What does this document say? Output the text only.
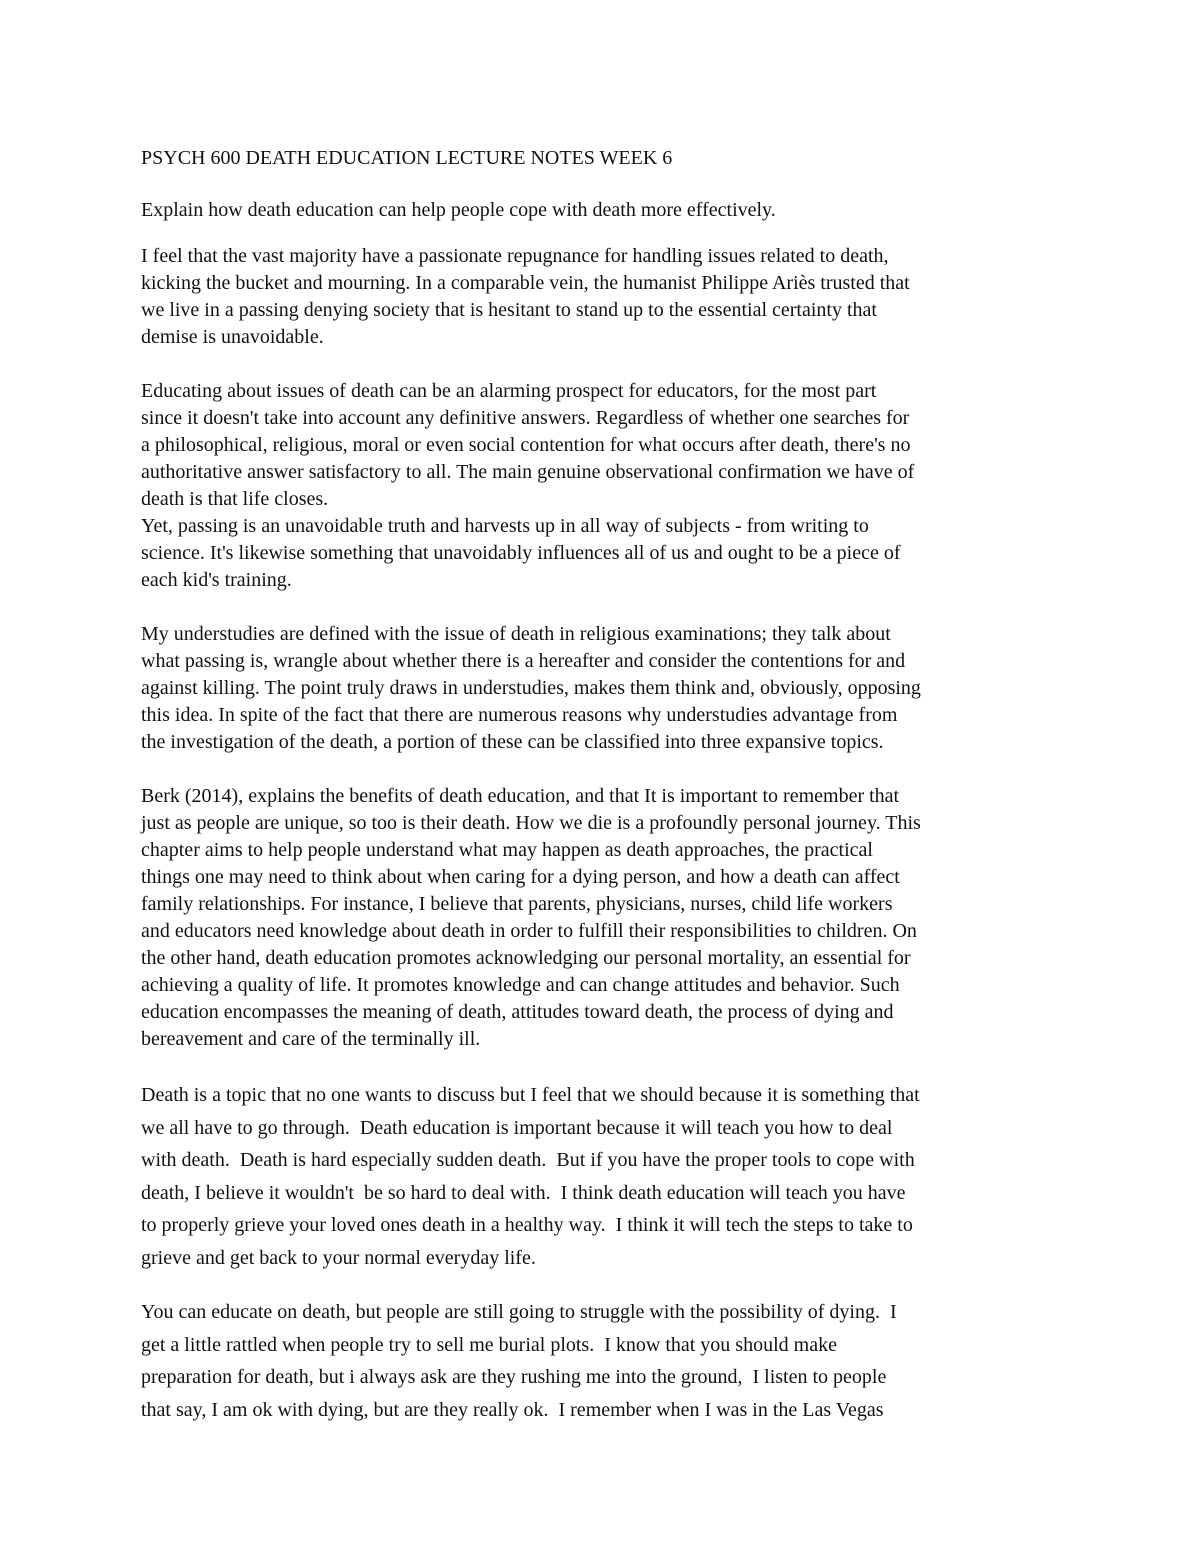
PSYCH 600 DEATH EDUCATION LECTURE NOTES WEEK 6

Explain how death education can help people cope with death more effectively.

I feel that the vast majority have a passionate repugnance for handling issues related to death,
kicking the bucket and mourning. In a comparable vein, the humanist Philippe Ariès trusted that
we live in a passing denying society that is hesitant to stand up to the essential certainty that
demise is unavoidable.

Educating about issues of death can be an alarming prospect for educators, for the most part
since it doesn't take into account any definitive answers. Regardless of whether one searches for
a philosophical, religious, moral or even social contention for what occurs after death, there's no
authoritative answer satisfactory to all. The main genuine observational confirmation we have of
death is that life closes.

Yet, passing is an unavoidable truth and harvests up in all way of subjects - from writing to
science. It's likewise something that unavoidably influences all of us and ought to be a piece of
each kid's training.

My understudies are defined with the issue of death in religious examinations; they talk about
what passing is, wrangle about whether there is a hereafter and consider the contentions for and
against killing. The point truly draws in understudies, makes them think and, obviously, opposing
this idea. In spite of the fact that there are numerous reasons why understudies advantage from
the investigation of the death, a portion of these can be classified into three expansive topics.

Berk (2014), explains the benefits of death education, and that It is important to remember that
just as people are unique, so too is their death. How we die is a profoundly personal journey. This
chapter aims to help people understand what may happen as death approaches, the practical
things one may need to think about when caring for a dying person, and how a death can affect
family relationships. For instance, I believe that parents, physicians, nurses, child life workers
and educators need knowledge about death in order to fulfill their responsibilities to children. On
the other hand, death education promotes acknowledging our personal mortality, an essential for
achieving a quality of life. It promotes knowledge and can change attitudes and behavior. Such
education encompasses the meaning of death, attitudes toward death, the process of dying and
bereavement and care of the terminally ill.

Death is a topic that no one wants to discuss but I feel that we should because it is something that
we all have to go through.  Death education is important because it will teach you how to deal
with death.  Death is hard especially sudden death.  But if you have the proper tools to cope with
death, I believe it wouldn't  be so hard to deal with.  I think death education will teach you have
to properly grieve your loved ones death in a healthy way.  I think it will tech the steps to take to
grieve and get back to your normal everyday life.

You can educate on death, but people are still going to struggle with the possibility of dying.  I
get a little rattled when people try to sell me burial plots.  I know that you should make
preparation for death, but i always ask are they rushing me into the ground,  I listen to people
that say, I am ok with dying, but are they really ok.  I remember when I was in the Las Vegas
